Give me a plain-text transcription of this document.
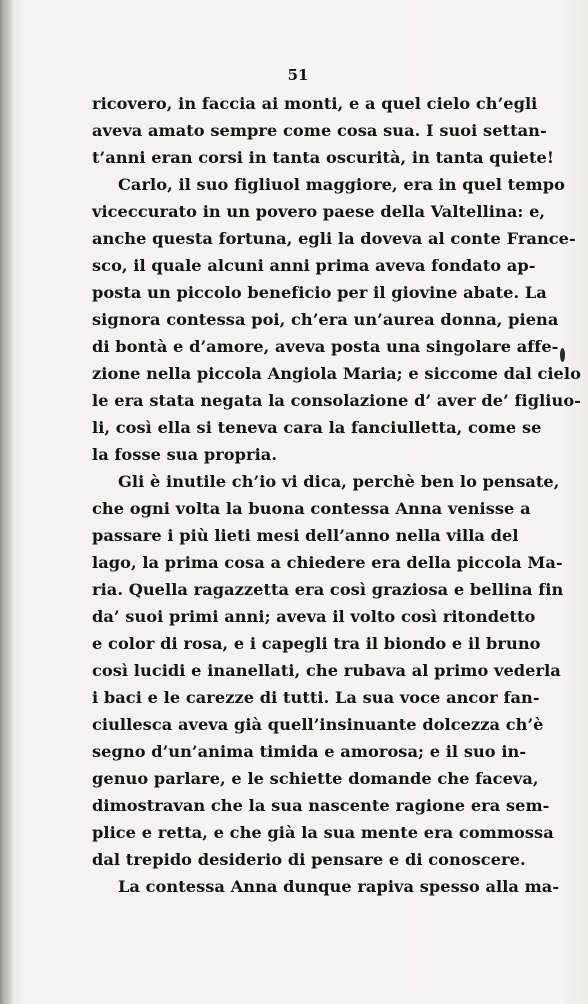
51
ricovero, in faccia ai monti, e a quel cielo ch’egli
aveva amato sempre come cosa sua. I suoi settan-
t’anni eran corsi in tanta oscurità, in tanta quiete!
Carlo, il suo figliuol maggiore, era in quel tempo
viceccurato in un povero paese della Valtellina: e,
anche questa fortuna, egli la doveva al conte France-
sco, il quale alcuni anni prima aveva fondato ap-
posta un piccolo beneficio per il giovine abate. La
signora contessa poi, ch’era un’aurea donna, piena
di bontà e d’amore, aveva posta una singolare affe-
zione nella piccola Angiola Maria; e siccome dal cielo
le era stata negata la consolazione d’ aver de’ figliuo-
li, così ella si teneva cara la fanciulletta, come se
la fosse sua propria.
Gli è inutile ch’io vi dica, perchè ben lo pensate,
che ogni volta la buona contessa Anna venisse a
passare i più lieti mesi dell’anno nella villa del
lago, la prima cosa a chiedere era della piccola Ma-
ria. Quella ragazzetta era così graziosa e bellina fin
da’ suoi primi anni; aveva il volto così ritondetto
e color di rosa, e i capegli tra il biondo e il bruno
così lucidi e inanellati, che rubava al primo vederla
i baci e le carezze di tutti. La sua voce ancor fan-
ciullesca aveva già quell’insinuante dolcezza ch’è
segno d’un’anima timida e amorosa; e il suo in-
genuo parlare, e le schiette domande che faceva,
dimostravan che la sua nascente ragione era sem-
plice e retta, e che già la sua mente era commossa
dal trepido desiderio di pensare e di conoscere.
La contessa Anna dunque rapiva spesso alla ma-
